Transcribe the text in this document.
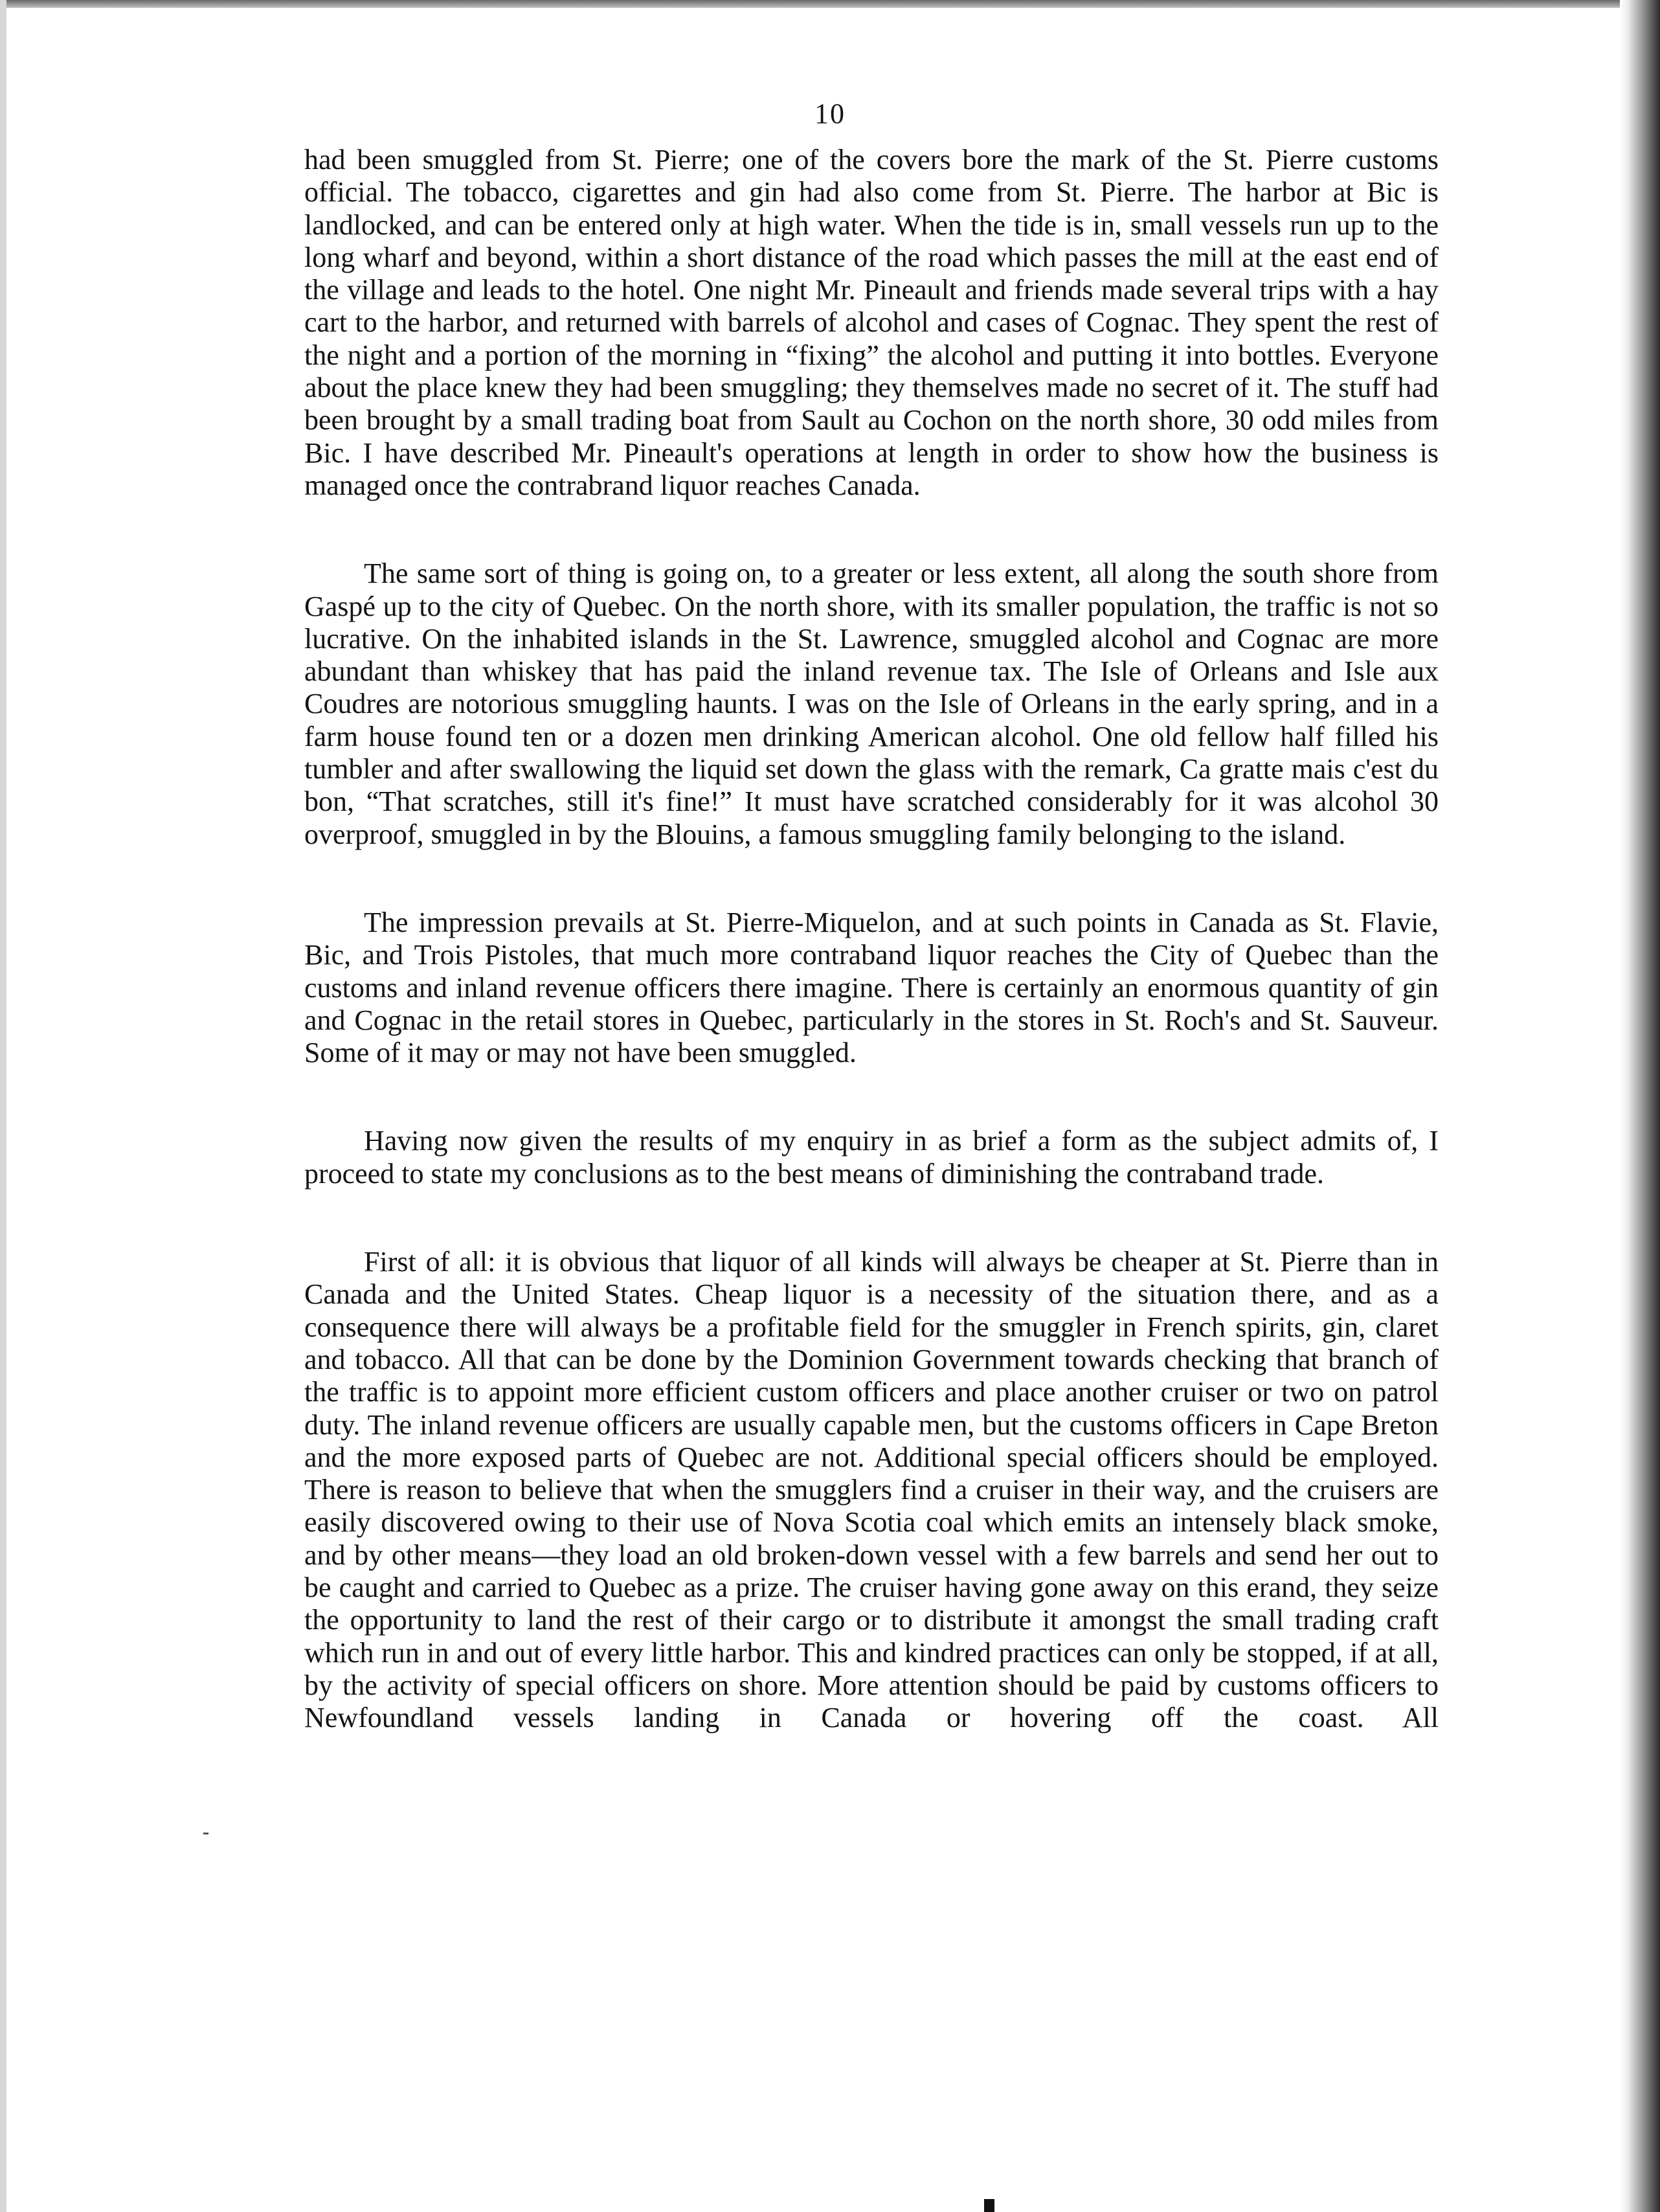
10

had been smuggled from St. Pierre; one of the covers bore the mark of the St. Pierre customs official. The tobacco, cigarettes and gin had also come from St. Pierre. The harbor at Bic is landlocked, and can be entered only at high water. When the tide is in, small vessels run up to the long wharf and beyond, within a short distance of the road which passes the mill at the east end of the village and leads to the hotel. One night Mr. Pineault and friends made several trips with a hay cart to the harbor, and returned with barrels of alcohol and cases of Cognac. They spent the rest of the night and a portion of the morning in “fixing” the alcohol and putting it into bottles. Everyone about the place knew they had been smuggling; they themselves made no secret of it. The stuff had been brought by a small trading boat from Sault au Cochon on the north shore, 30 odd miles from Bic. I have described Mr. Pineault's operations at length in order to show how the business is managed once the contrabrand liquor reaches Canada.

The same sort of thing is going on, to a greater or less extent, all along the south shore from Gaspé up to the city of Quebec. On the north shore, with its smaller population, the traffic is not so lucrative. On the inhabited islands in the St. Lawrence, smuggled alcohol and Cognac are more abundant than whiskey that has paid the inland revenue tax. The Isle of Orleans and Isle aux Coudres are notorious smuggling haunts. I was on the Isle of Orleans in the early spring, and in a farm house found ten or a dozen men drinking American alcohol. One old fellow half filled his tumbler and after swallowing the liquid set down the glass with the remark, Ca gratte mais c'est du bon, “That scratches, still it's fine!” It must have scratched considerably for it was alcohol 30 overproof, smuggled in by the Blouins, a famous smuggling family belonging to the island.

The impression prevails at St. Pierre-Miquelon, and at such points in Canada as St. Flavie, Bic, and Trois Pistoles, that much more contraband liquor reaches the City of Quebec than the customs and inland revenue officers there imagine. There is certainly an enormous quantity of gin and Cognac in the retail stores in Quebec, particularly in the stores in St. Roch's and St. Sauveur. Some of it may or may not have been smuggled.

Having now given the results of my enquiry in as brief a form as the subject admits of, I proceed to state my conclusions as to the best means of diminishing the contraband trade.

First of all: it is obvious that liquor of all kinds will always be cheaper at St. Pierre than in Canada and the United States. Cheap liquor is a necessity of the situation there, and as a consequence there will always be a profitable field for the smuggler in French spirits, gin, claret and tobacco. All that can be done by the Dominion Government towards checking that branch of the traffic is to appoint more efficient custom officers and place another cruiser or two on patrol duty. The inland revenue officers are usually capable men, but the customs officers in Cape Breton and the more exposed parts of Quebec are not. Additional special officers should be employed. There is reason to believe that when the smugglers find a cruiser in their way, and the cruisers are easily discovered owing to their use of Nova Scotia coal which emits an intensely black smoke, and by other means—they load an old broken-down vessel with a few barrels and send her out to be caught and carried to Quebec as a prize. The cruiser having gone away on this erand, they seize the opportunity to land the rest of their cargo or to distribute it amongst the small trading craft which run in and out of every little harbor. This and kindred practices can only be stopped, if at all, by the activity of special officers on shore. More attention should be paid by customs officers to Newfoundland vessels landing in Canada or hovering off the coast. All
